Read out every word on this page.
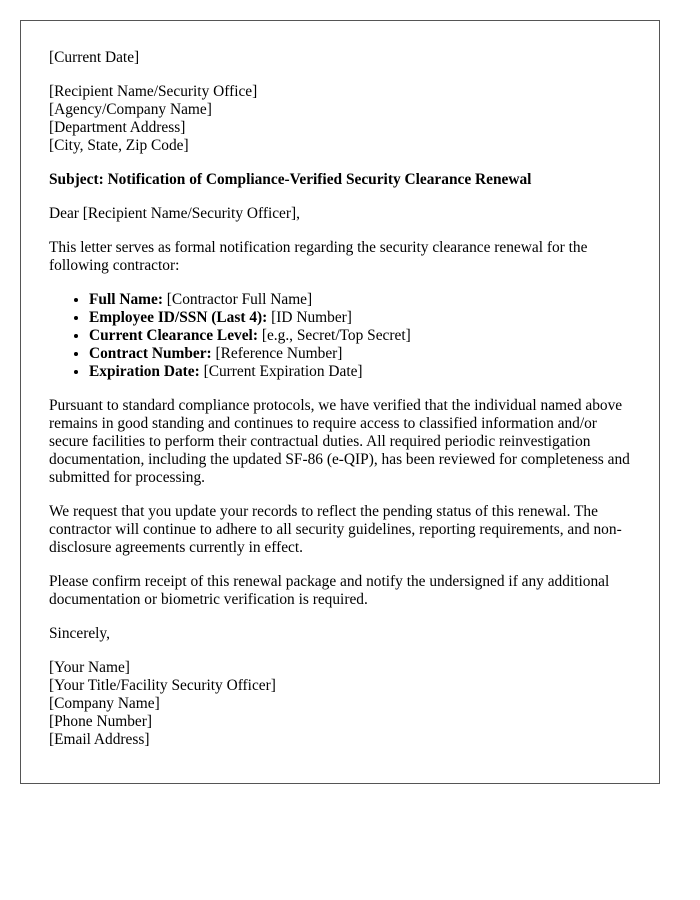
[Current Date]

[Recipient Name/Security Office]
[Agency/Company Name]
[Department Address]
[City, State, Zip Code]

Subject: Notification of Compliance-Verified Security Clearance Renewal

Dear [Recipient Name/Security Officer],

This letter serves as formal notification regarding the security clearance renewal for the following contractor:

• Full Name: [Contractor Full Name]
• Employee ID/SSN (Last 4): [ID Number]
• Current Clearance Level: [e.g., Secret/Top Secret]
• Contract Number: [Reference Number]
• Expiration Date: [Current Expiration Date]

Pursuant to standard compliance protocols, we have verified that the individual named above remains in good standing and continues to require access to classified information and/or secure facilities to perform their contractual duties. All required periodic reinvestigation documentation, including the updated SF-86 (e-QIP), has been reviewed for completeness and submitted for processing.

We request that you update your records to reflect the pending status of this renewal. The contractor will continue to adhere to all security guidelines, reporting requirements, and non-disclosure agreements currently in effect.

Please confirm receipt of this renewal package and notify the undersigned if any additional documentation or biometric verification is required.

Sincerely,

[Your Name]
[Your Title/Facility Security Officer]
[Company Name]
[Phone Number]
[Email Address]
